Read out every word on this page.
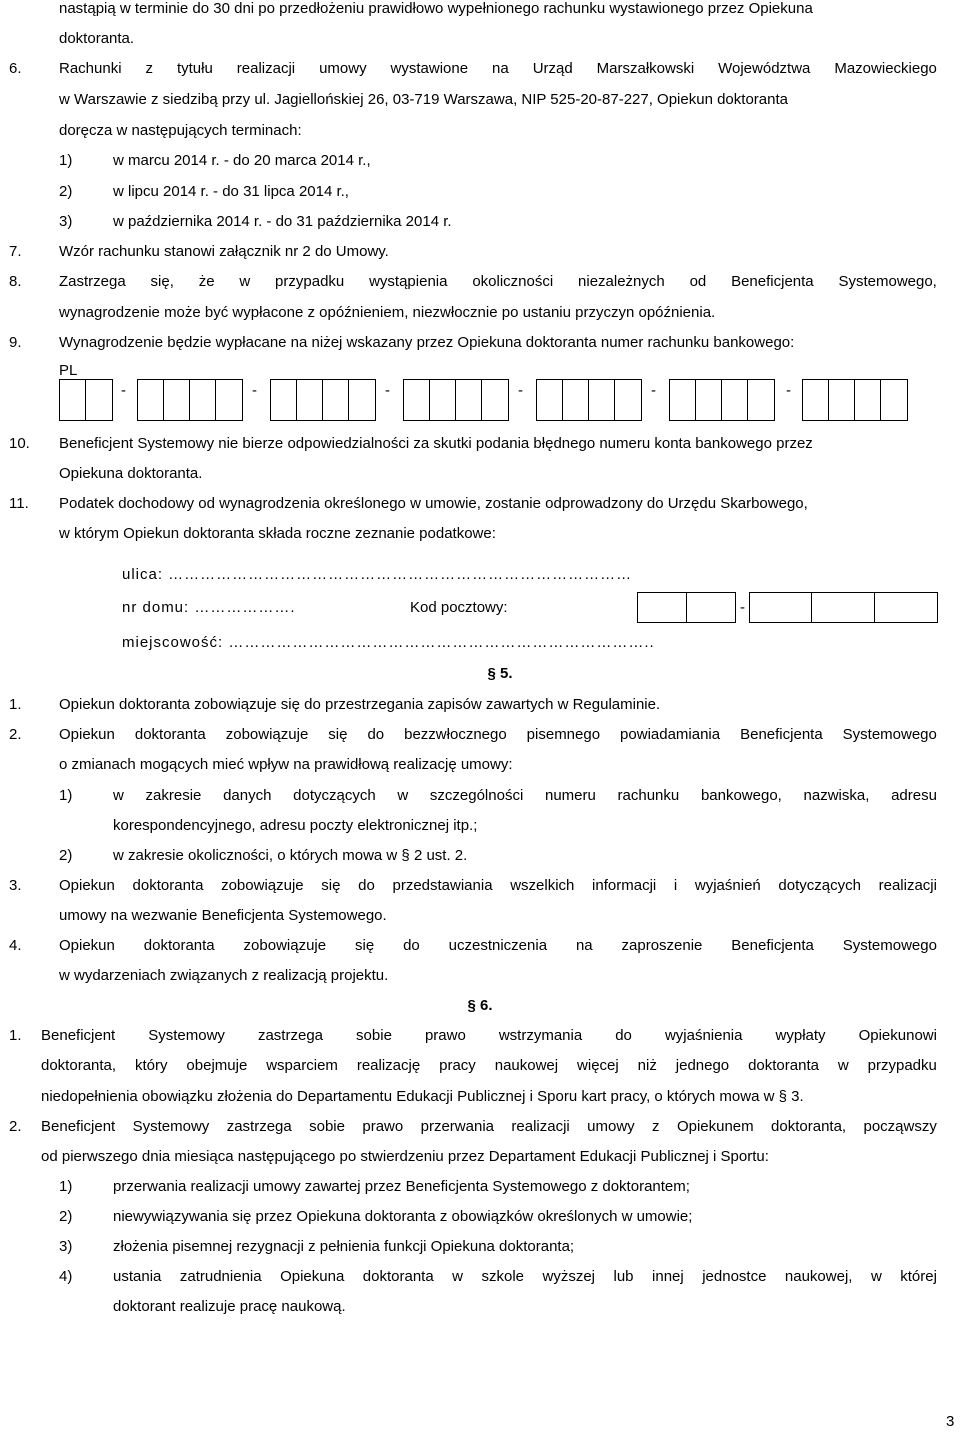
nastąpią w terminie do 30 dni po przedłożeniu prawidłowo wypełnionego rachunku wystawionego przez Opiekuna
doktoranta.
6. Rachunki z tytułu realizacji umowy wystawione na Urząd Marszałkowski Województwa Mazowieckiego
w Warszawie z siedzibą przy ul. Jagiellońskiej 26, 03-719 Warszawa, NIP 525-20-87-227, Opiekun doktoranta
doręcza w następujących terminach:
1)	w marcu 2014 r. - do 20 marca 2014 r.,
2)	w lipcu 2014 r. - do 31 lipca 2014 r.,
3)	w października 2014 r. - do 31 października 2014 r.
7. Wzór rachunku stanowi załącznik nr 2 do Umowy.
8. Zastrzega się, że w przypadku wystąpienia okoliczności niezależnych od Beneficjenta Systemowego,
wynagrodzenie może być wypłacone z opóźnieniem, niezwłocznie po ustaniu przyczyn opóźnienia.
9. Wynagrodzenie będzie wypłacane na niżej wskazany przez Opiekuna doktoranta numer rachunku bankowego:
PL
-	-	-	-	-	-
10. Beneficjent Systemowy nie bierze odpowiedzialności za skutki podania błędnego numeru konta bankowego przez
Opiekuna doktoranta.
11. Podatek dochodowy od wynagrodzenia określonego w umowie, zostanie odprowadzony do Urzędu Skarbowego,
w którym Opiekun doktoranta składa roczne zeznanie podatkowe:
ulica: ……………………………………………………………………………
nr domu: ……………….	Kod pocztowy:	-
miejscowość: ……………………………………………………………………..
§ 5.
1. Opiekun doktoranta zobowiązuje się do przestrzegania zapisów zawartych w Regulaminie.
2. Opiekun doktoranta zobowiązuje się do bezzwłocznego pisemnego powiadamiania Beneficjenta Systemowego
o zmianach mogących mieć wpływ na prawidłową realizację umowy:
1)	w zakresie danych dotyczących w szczególności numeru rachunku bankowego, nazwiska, adresu
korespondencyjnego, adresu poczty elektronicznej itp.;
2)	w zakresie okoliczności, o których mowa w § 2 ust. 2.
3. Opiekun doktoranta zobowiązuje się do przedstawiania wszelkich informacji i wyjaśnień dotyczących realizacji
umowy na wezwanie Beneficjenta Systemowego.
4. Opiekun doktoranta zobowiązuje się do uczestniczenia na zaproszenie Beneficjenta Systemowego
w wydarzeniach związanych z realizacją projektu.
§ 6.
1. Beneficjent Systemowy zastrzega sobie prawo wstrzymania do wyjaśnienia wypłaty Opiekunowi
doktoranta, który obejmuje wsparciem realizację pracy naukowej więcej niż jednego doktoranta w przypadku
niedopełnienia obowiązku złożenia do Departamentu Edukacji Publicznej i Sporu kart pracy, o których mowa w § 3.
2. Beneficjent Systemowy zastrzega sobie prawo przerwania realizacji umowy z Opiekunem doktoranta, począwszy
od pierwszego dnia miesiąca następującego po stwierdzeniu przez Departament Edukacji Publicznej i Sportu:
1)	przerwania realizacji umowy zawartej przez Beneficjenta Systemowego z doktorantem;
2)	niewywiązywania się przez Opiekuna doktoranta z obowiązków określonych w umowie;
3)	złożenia pisemnej rezygnacji z pełnienia funkcji Opiekuna doktoranta;
4)	ustania zatrudnienia Opiekuna doktoranta w szkole wyższej lub innej jednostce naukowej, w której
doktorant realizuje pracę naukową.
3
